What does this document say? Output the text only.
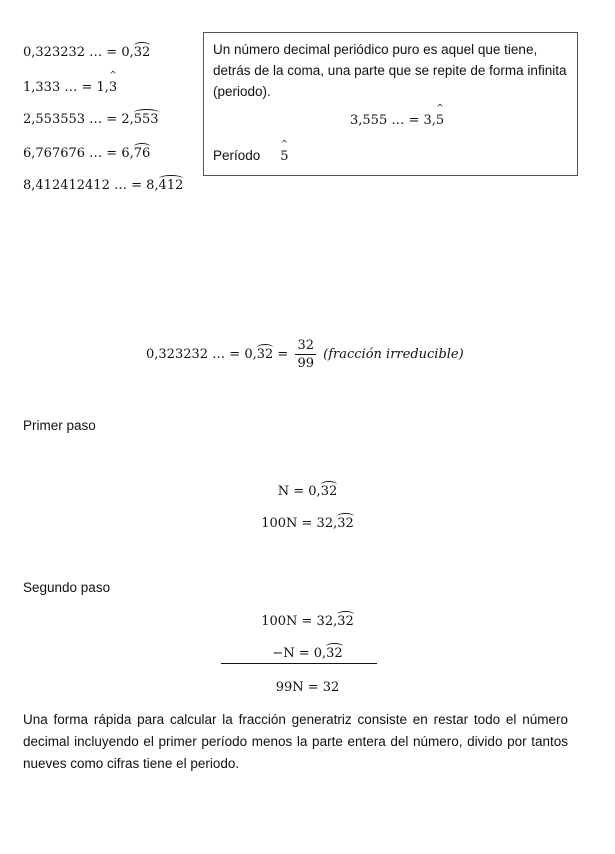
0,323232 … = 0,32
1,333 … = 1,^ 3
2,553553 … = 2,553
6,767676 … = 6,76
8,412412412 … = 8,412

Un número decimal periódico puro es aquel que tiene, detrás de la coma, una parte que se repite de forma infinita (periodo).

3,555 … = 3,^ 5
Período^ 5
0,323232 … = $0,32 = \frac{32}{99}$ (fracción irreducible)
Primer paso
N = 0,32
100N = 32,32
Segundo paso
100N = 32,32
−N = 0,32
99N = 32

Una forma rápida para calcular la fracción generatriz consiste en restar todo el número decimal incluyendo el primer período menos la parte entera del número, divido por tantos nueves como cifras tiene el periodo.
